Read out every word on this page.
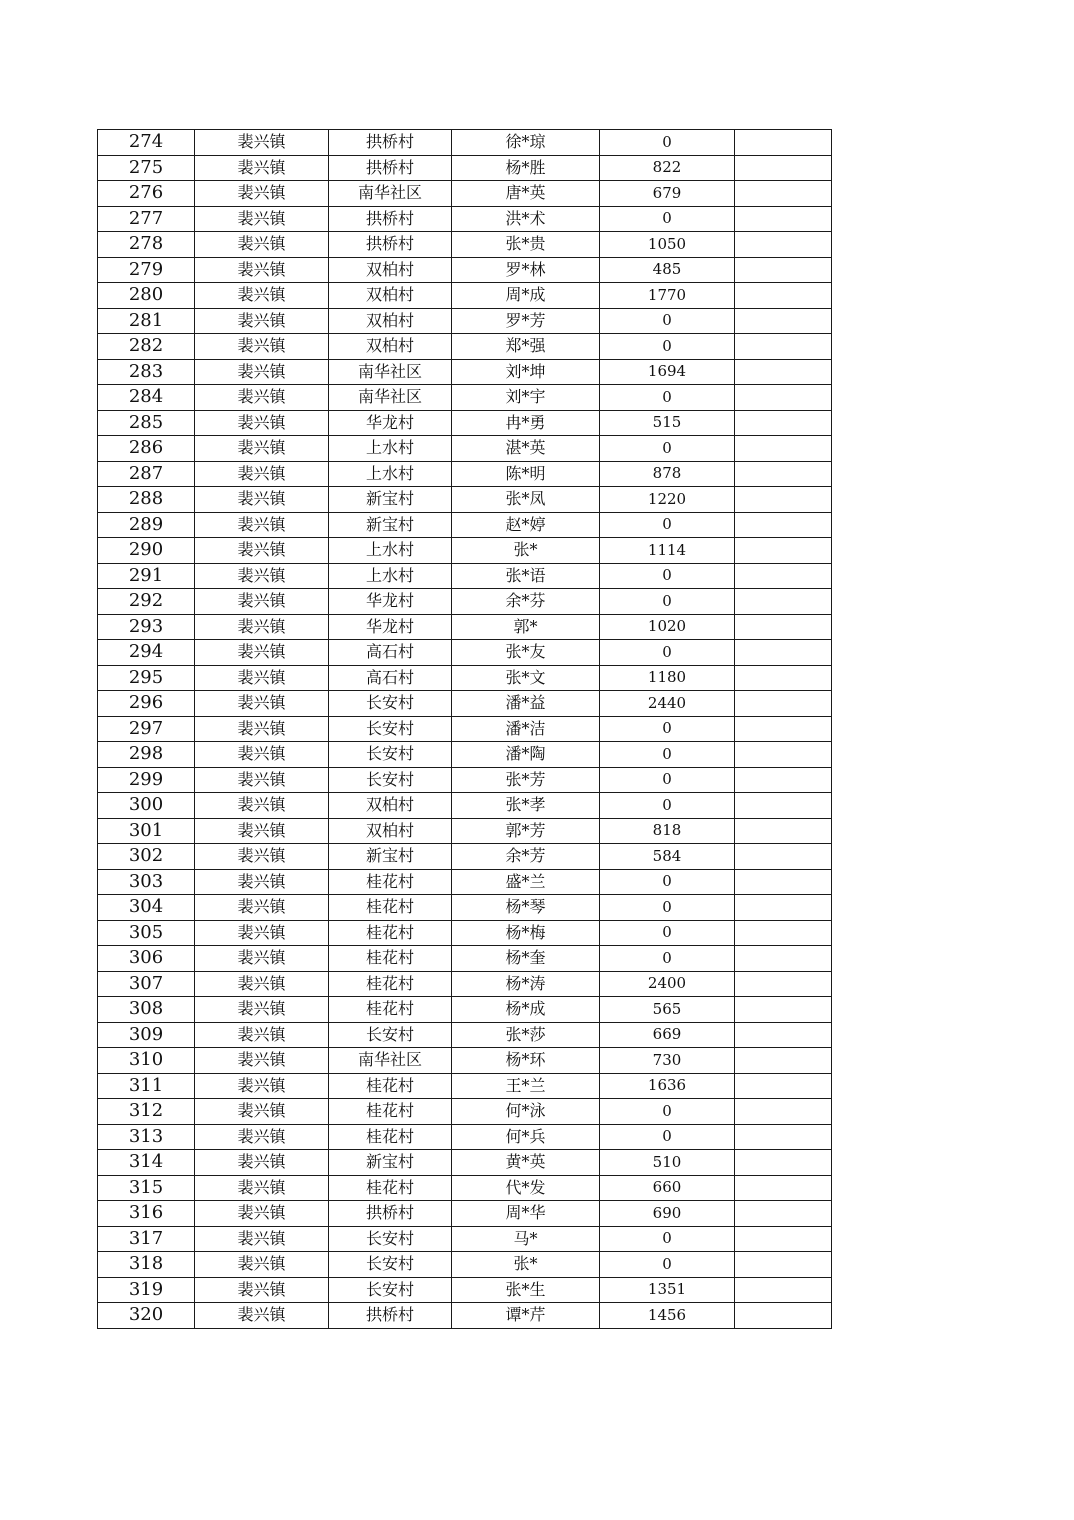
274	裴兴镇	拱桥村	徐*琼	0	
275	裴兴镇	拱桥村	杨*胜	822	
276	裴兴镇	南华社区	唐*英	679	
277	裴兴镇	拱桥村	洪*术	0	
278	裴兴镇	拱桥村	张*贵	1050	
279	裴兴镇	双柏村	罗*林	485	
280	裴兴镇	双柏村	周*成	1770	
281	裴兴镇	双柏村	罗*芳	0	
282	裴兴镇	双柏村	郑*强	0	
283	裴兴镇	南华社区	刘*坤	1694	
284	裴兴镇	南华社区	刘*宇	0	
285	裴兴镇	华龙村	冉*勇	515	
286	裴兴镇	上水村	湛*英	0	
287	裴兴镇	上水村	陈*明	878	
288	裴兴镇	新宝村	张*凤	1220	
289	裴兴镇	新宝村	赵*婷	0	
290	裴兴镇	上水村	张*	1114	
291	裴兴镇	上水村	张*语	0	
292	裴兴镇	华龙村	余*芬	0	
293	裴兴镇	华龙村	郭*	1020	
294	裴兴镇	高石村	张*友	0	
295	裴兴镇	高石村	张*文	1180	
296	裴兴镇	长安村	潘*益	2440	
297	裴兴镇	长安村	潘*洁	0	
298	裴兴镇	长安村	潘*陶	0	
299	裴兴镇	长安村	张*芳	0	
300	裴兴镇	双柏村	张*孝	0	
301	裴兴镇	双柏村	郭*芳	818	
302	裴兴镇	新宝村	余*芳	584	
303	裴兴镇	桂花村	盛*兰	0	
304	裴兴镇	桂花村	杨*琴	0	
305	裴兴镇	桂花村	杨*梅	0	
306	裴兴镇	桂花村	杨*奎	0	
307	裴兴镇	桂花村	杨*涛	2400	
308	裴兴镇	桂花村	杨*成	565	
309	裴兴镇	长安村	张*莎	669	
310	裴兴镇	南华社区	杨*环	730	
311	裴兴镇	桂花村	王*兰	1636	
312	裴兴镇	桂花村	何*泳	0	
313	裴兴镇	桂花村	何*兵	0	
314	裴兴镇	新宝村	黄*英	510	
315	裴兴镇	桂花村	代*发	660	
316	裴兴镇	拱桥村	周*华	690	
317	裴兴镇	长安村	马*	0	
318	裴兴镇	长安村	张*	0	
319	裴兴镇	长安村	张*生	1351	
320	裴兴镇	拱桥村	谭*芹	1456	
